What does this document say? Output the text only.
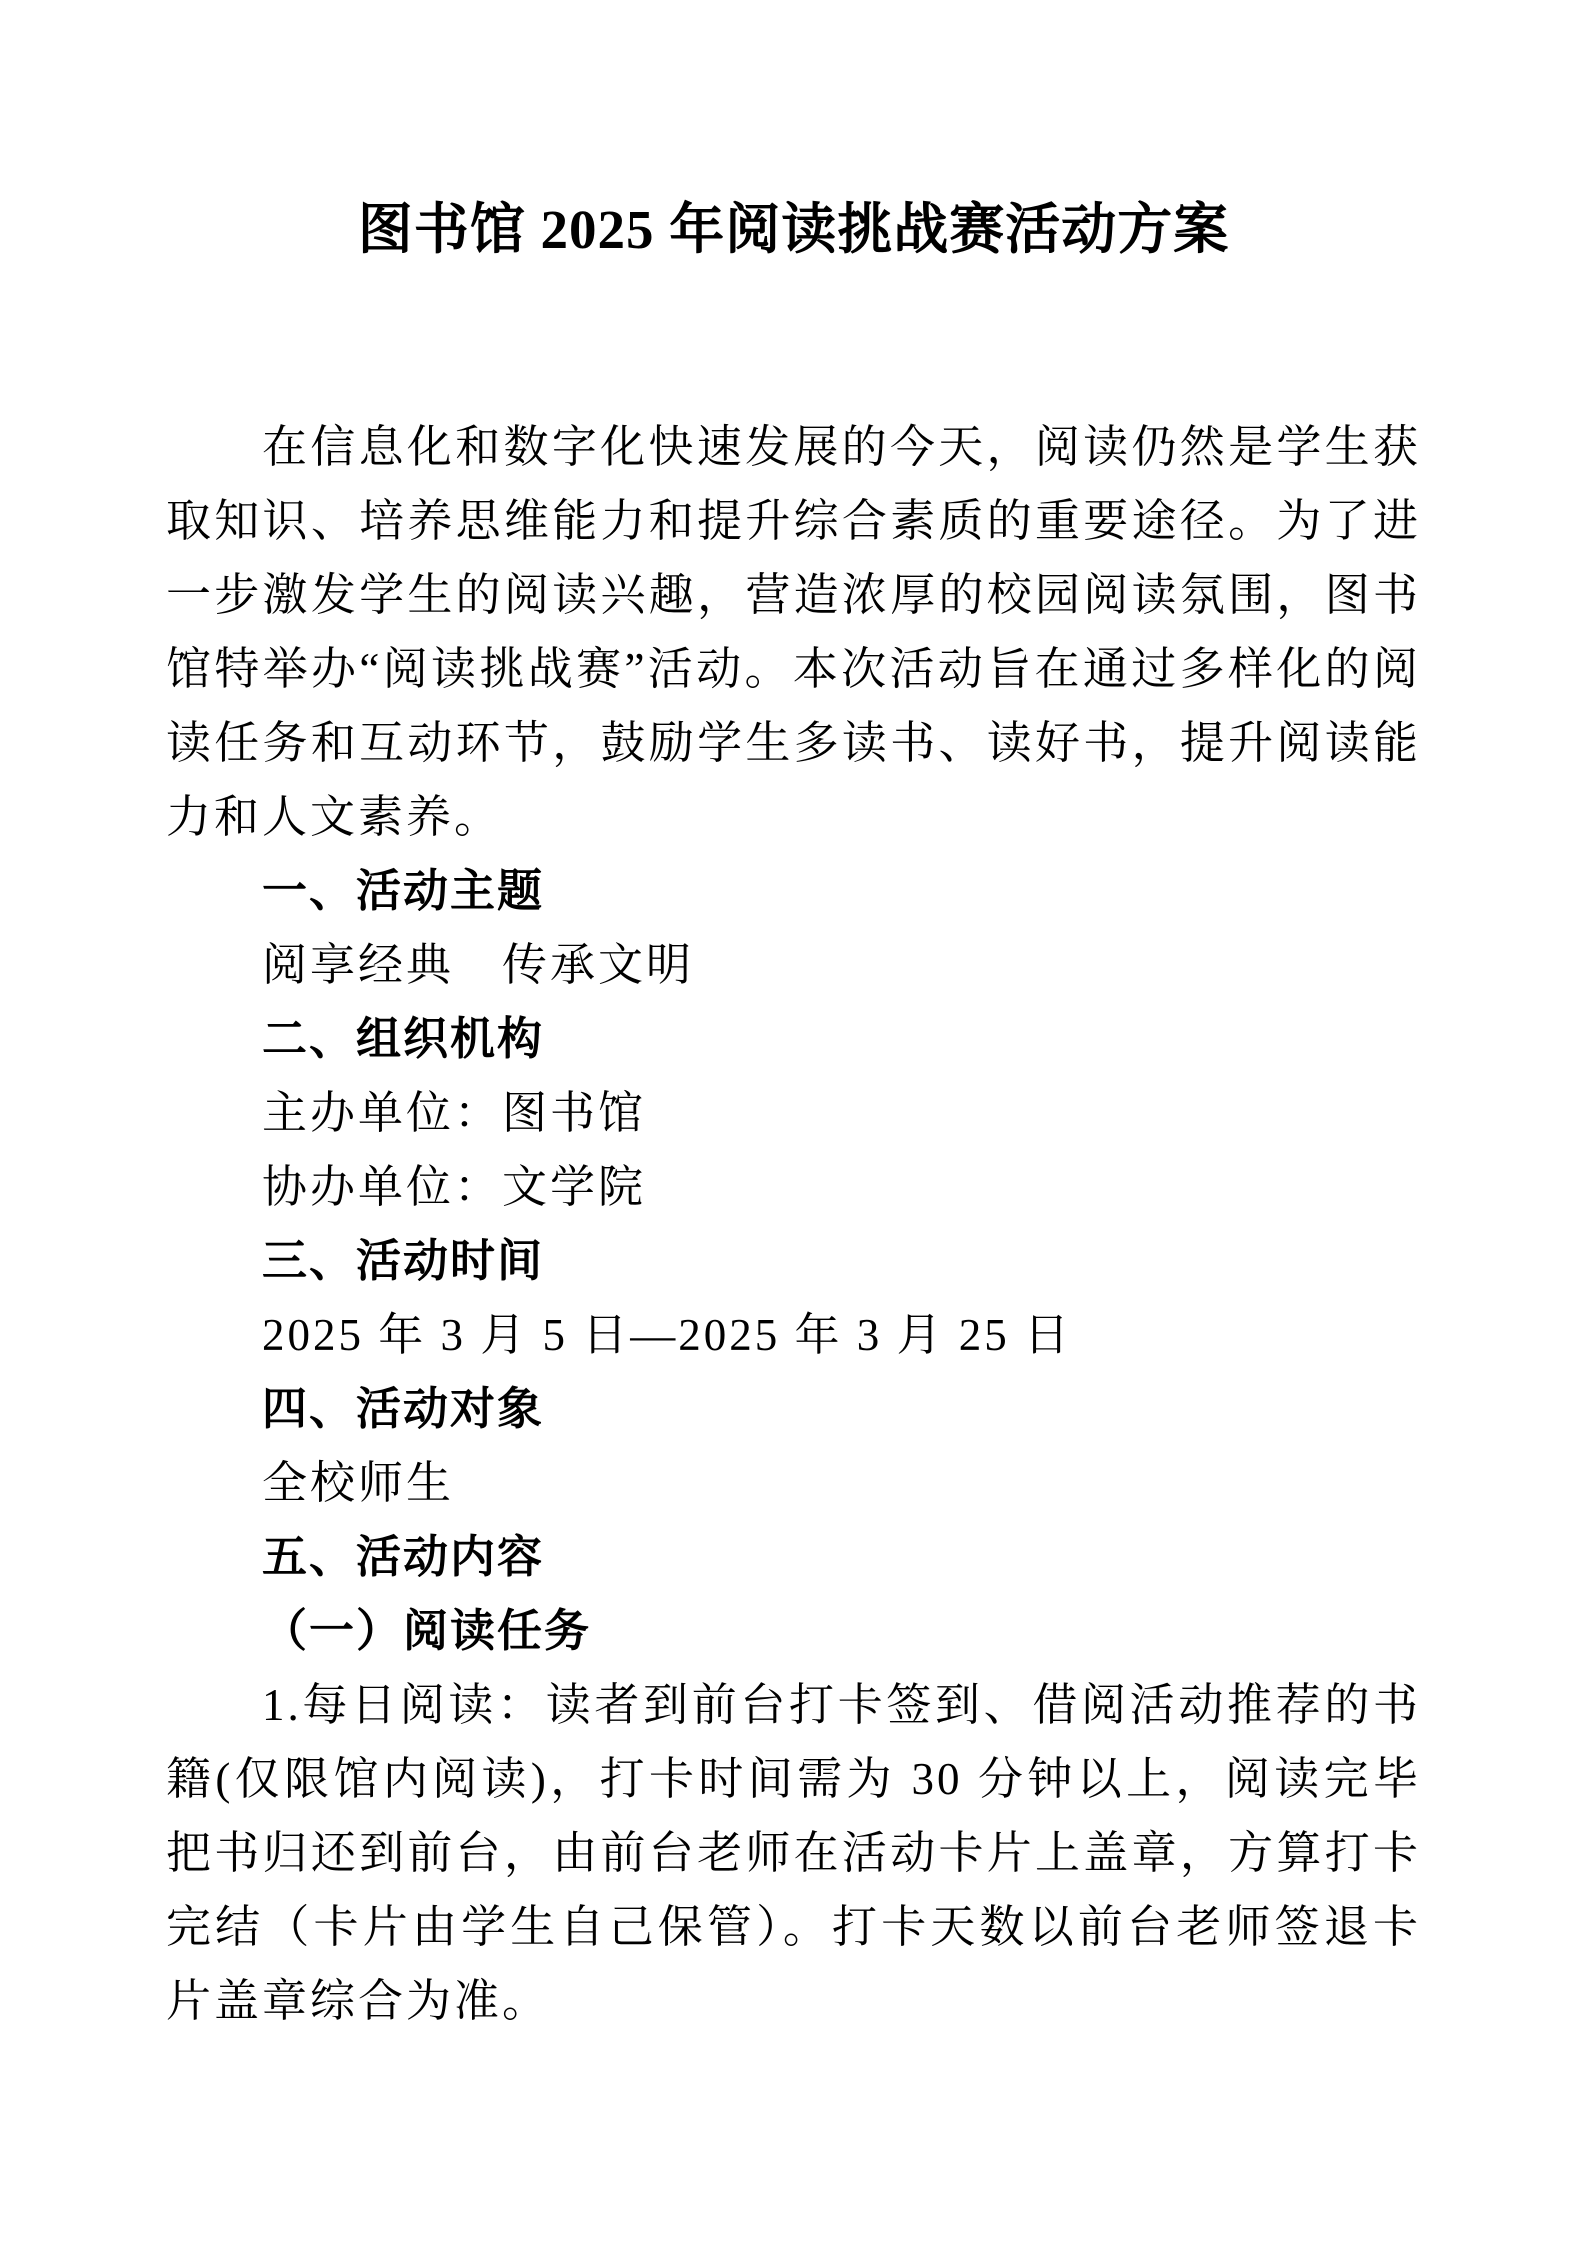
图书馆 2025 年阅读挑战赛活动方案

在信息化和数字化快速发展的今天，阅读仍然是学生获取知识、培养思维能力和提升综合素质的重要途径。为了进一步激发学生的阅读兴趣，营造浓厚的校园阅读氛围，图书馆特举办“阅读挑战赛”活动。本次活动旨在通过多样化的阅读任务和互动环节，鼓励学生多读书、读好书，提升阅读能力和人文素养。

一、活动主题

阅享经典　传承文明

二、组织机构

主办单位：图书馆

协办单位：文学院

三、活动时间

2025 年 3 月 5 日—2025 年 3 月 25 日

四、活动对象

全校师生

五、活动内容

（一）阅读任务

1.每日阅读：读者到前台打卡签到、借阅活动推荐的书籍(仅限馆内阅读)，打卡时间需为 30 分钟以上，阅读完毕把书归还到前台，由前台老师在活动卡片上盖章，方算打卡完结（卡片由学生自己保管）。打卡天数以前台老师签退卡片盖章综合为准。
